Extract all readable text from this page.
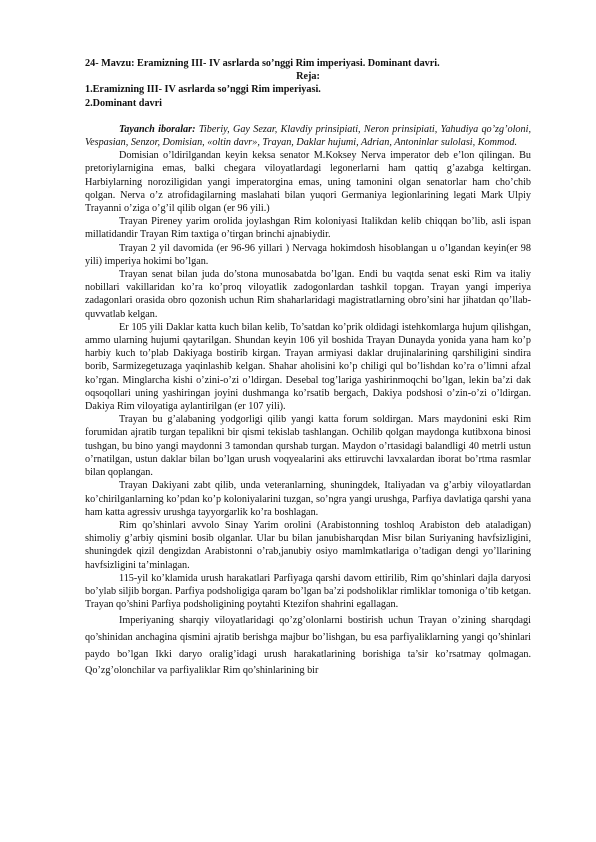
24- Mavzu: Eramizning III- IV asrlarda so’nggi Rim imperiyasi. Dominant davri.

Reja:

1.Eramizning III- IV asrlarda so’nggi Rim imperiyasi.

2.Dominant davri

Tayanch iboralar: Tiberiy, Gay Sezar, Klavdiy prinsipiati, Neron prinsipiati, Yahudiya qo’zg’oloni, Vespasian, Senzor, Domisian, «oltin davr», Trayan, Daklar hujumi, Adrian, Antoninlar sulolasi, Kommod.

Domisian o’ldirilgandan keyin keksa senator M.Koksey Nerva imperator deb e’lon qilingan. Bu pretoriylarnigina emas, balki chegara viloyatlardagi legonerlarni ham qattiq g’azabga keltirgan. Harbiylarning noroziligidan yangi imperatorgina emas, uning tamonini olgan senatorlar ham cho’chib qolgan. Nerva o’z atrofidagilarning maslahati bilan yuqori Germaniya legionlarining legati Mark Ulpiy Trayanni o’ziga o’g’il qilib olgan (er 96 yili.)

Trayan Pireney yarim orolida joylashgan Rim koloniyasi Italikdan kelib chiqqan bo’lib, asli ispan millatidandir Trayan Rim taxtiga o’tirgan brinchi ajnabiydir.

Trayan 2 yil davomida (er 96-96 yillari ) Nervaga hokimdosh hisoblangan u o’lgandan keyin(er 98 yili) imperiya hokimi bo’lgan.

Trayan senat bilan juda do’stona munosabatda bo’lgan. Endi bu vaqtda senat eski Rim va italiy nobillari vakillaridan ko’ra ko’proq viloyatlik zadogonlardan tashkil topgan. Trayan yangi imperiya zadagonlari orasida obro qozonish uchun Rim shaharlaridagi magistratlarning obro’sini har jihatdan qo’llab-quvvatlab kelgan.

Er 105 yili Daklar katta kuch bilan kelib, To’satdan ko’prik oldidagi istehkomlarga hujum qilishgan, ammo ularning hujumi qaytarilgan. Shundan keyin 106 yil boshida Trayan Dunayda yonida yana ham ko’p harbiy kuch to’plab Dakiyaga bostirib kirgan. Trayan armiyasi daklar drujinalarining qarshiligini sindira borib, Sarmizegetuzaga yaqinlashib kelgan. Shahar aholisini ko’p chiligi qul bo’lishdan ko’ra o’limni afzal ko’rgan. Minglarcha kishi o’zini-o’zi o’ldirgan. Desebal tog’lariga yashirinmoqchi bo’lgan, lekin ba’zi dak oqsoqollari uning yashiringan joyini dushmanga ko’rsatib bergach, Dakiya podshosi o’zin-o’zi o’ldirgan. Dakiya Rim viloyatiga aylantirilgan (er 107 yili).

Trayan bu g’alabaning yodgorligi qilib yangi katta forum soldirgan. Mars maydonini eski Rim forumidan ajratib turgan tepalikni bir qismi tekislab tashlangan. Ochilib qolgan maydonga kutibxona binosi tushgan, bu bino yangi maydonni 3 tamondan qurshab turgan. Maydon o’rtasidagi balandligi 40 metrli ustun o’rnatilgan, ustun daklar bilan bo’lgan urush voqyealarini aks ettiruvchi lavxalardan iborat bo’rtma rasmlar bilan qoplangan.

Trayan Dakiyani zabt qilib, unda veteranlarning, shuningdek, Italiyadan va g’arbiy viloyatlardan ko’chirilganlarning ko’pdan ko’p koloniyalarini tuzgan, so’ngra yangi urushga, Parfiya davlatiga qarshi yana ham katta agressiv urushga tayyorgarlik ko’ra boshlagan.

Rim qo’shinlari avvolo Sinay Yarim orolini (Arabistonning toshloq Arabiston deb ataladigan) shimoliy g’arbiy qismini bosib olganlar. Ular bu bilan janubisharqdan Misr bilan Suriyaning havfsizligini, shuningdek qizil dengizdan Arabistonni o’rab,janubiy osiyo mamlmkatlariga o’tadigan dengi yo’llarining havfsizligini ta’minlagan.

115-yil ko’klamida urush harakatlari Parfiyaga qarshi davom ettirilib, Rim qo’shinlari dajla daryosi bo’ylab siljib borgan. Parfiya podsholigiga qaram bo’lgan ba’zi podsholiklar rimliklar tomoniga o’tib ketgan. Trayan qo’shini Parfiya podsholigining poytahti Ktezifon shahrini egallagan.

Imperiyaning sharqiy viloyatlaridagi qo’zg’olonlarni bostirish uchun Trayan o’zining sharqdagi qo’shinidan anchagina qismini ajratib berishga majbur bo’lishgan, bu esa parfiyaliklarning yangi qo’shinlari paydo bo’lgan Ikki daryo oralig’idagi urush harakatlarining borishiga ta’sir ko’rsatmay qolmagan. Qo’zg’olonchilar va parfiyaliklar Rim qo’shinlarining bir
